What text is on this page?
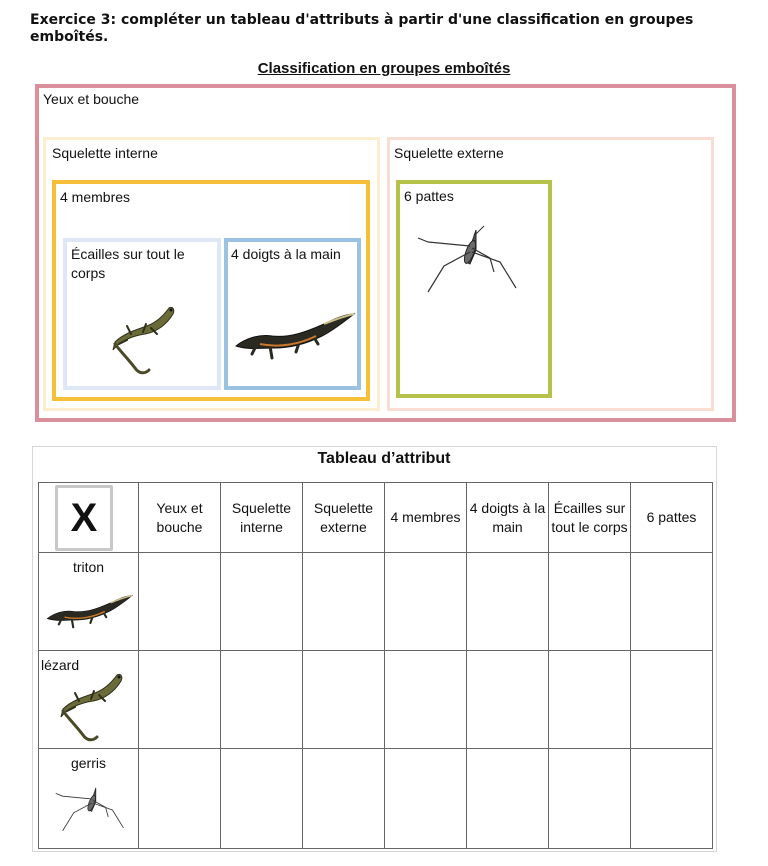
Exercice 3: compléter un tableau d'attributs à partir d'une classification en groupes emboîtés.
Classification en groupes emboîtés
Yeux et bouche
Squelette interne	Squelette externe
4 membres
Écailles sur tout le corps
4 doigts à la main
6 pattes
Tableau d’attribut
X	Yeux et bouche	Squelette interne	Squelette externe	4 membres	4 doigts à la main	Écailles sur tout le corps	6 pattes

triton							

lézard							

gerris							
